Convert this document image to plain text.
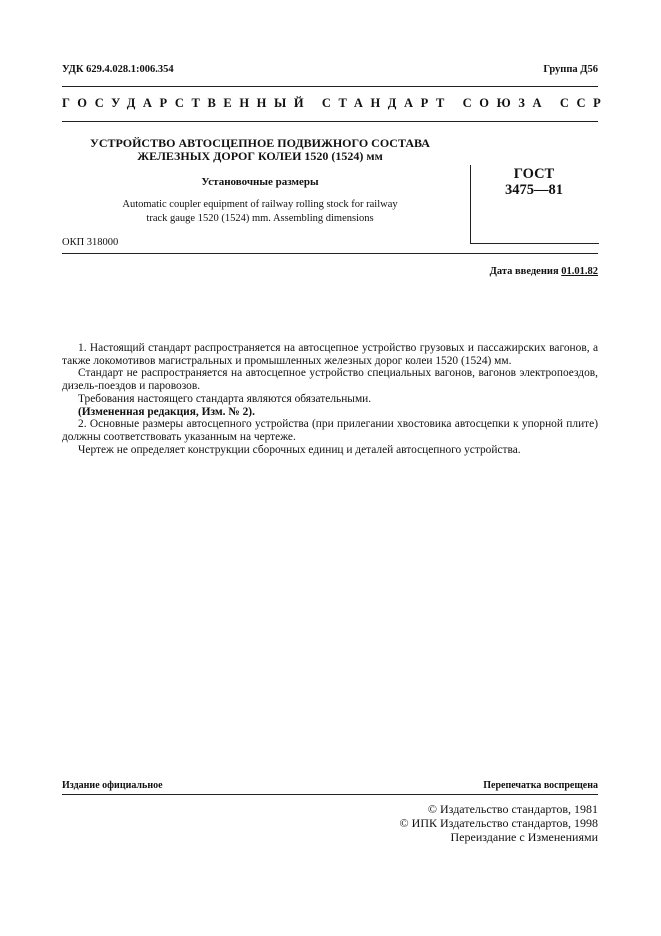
УДК 629.4.028.1:006.354	Группа Д56
ГОСУДАРСТВЕННЫЙ СТАНДАРТ СОЮЗА ССР
УСТРОЙСТВО АВТОСЦЕПНОЕ ПОДВИЖНОГО СОСТАВА
ЖЕЛЕЗНЫХ ДОРОГ КОЛЕИ 1520 (1524) мм
Установочные размеры
Automatic coupler equipment of railway rolling stock for railway
track gauge 1520 (1524) mm. Assembling dimensions
ГОСТ
3475—81
ОКП 318000
Дата введения 01.01.82

1. Настоящий стандарт распространяется на автосцепное устройство грузовых и пассажирских вагонов, а также локомотивов магистральных и промышленных железных дорог колеи 1520 (1524) мм.

Стандарт не распространяется на автосцепное устройство специальных вагонов, вагонов электропоездов, дизель-поездов и паровозов.

Требования настоящего стандарта являются обязательными.

(Измененная редакция, Изм. № 2).

2. Основные размеры автосцепного устройства (при прилегании хвостовика автосцепки к упорной плите) должны соответствовать указанным на чертеже.

Чертеж не определяет конструкции сборочных единиц и деталей автосцепного устройства.

Издание официальное	Перепечатка воспрещена
© Издательство стандартов, 1981
© ИПК Издательство стандартов, 1998
Переиздание с Изменениями
